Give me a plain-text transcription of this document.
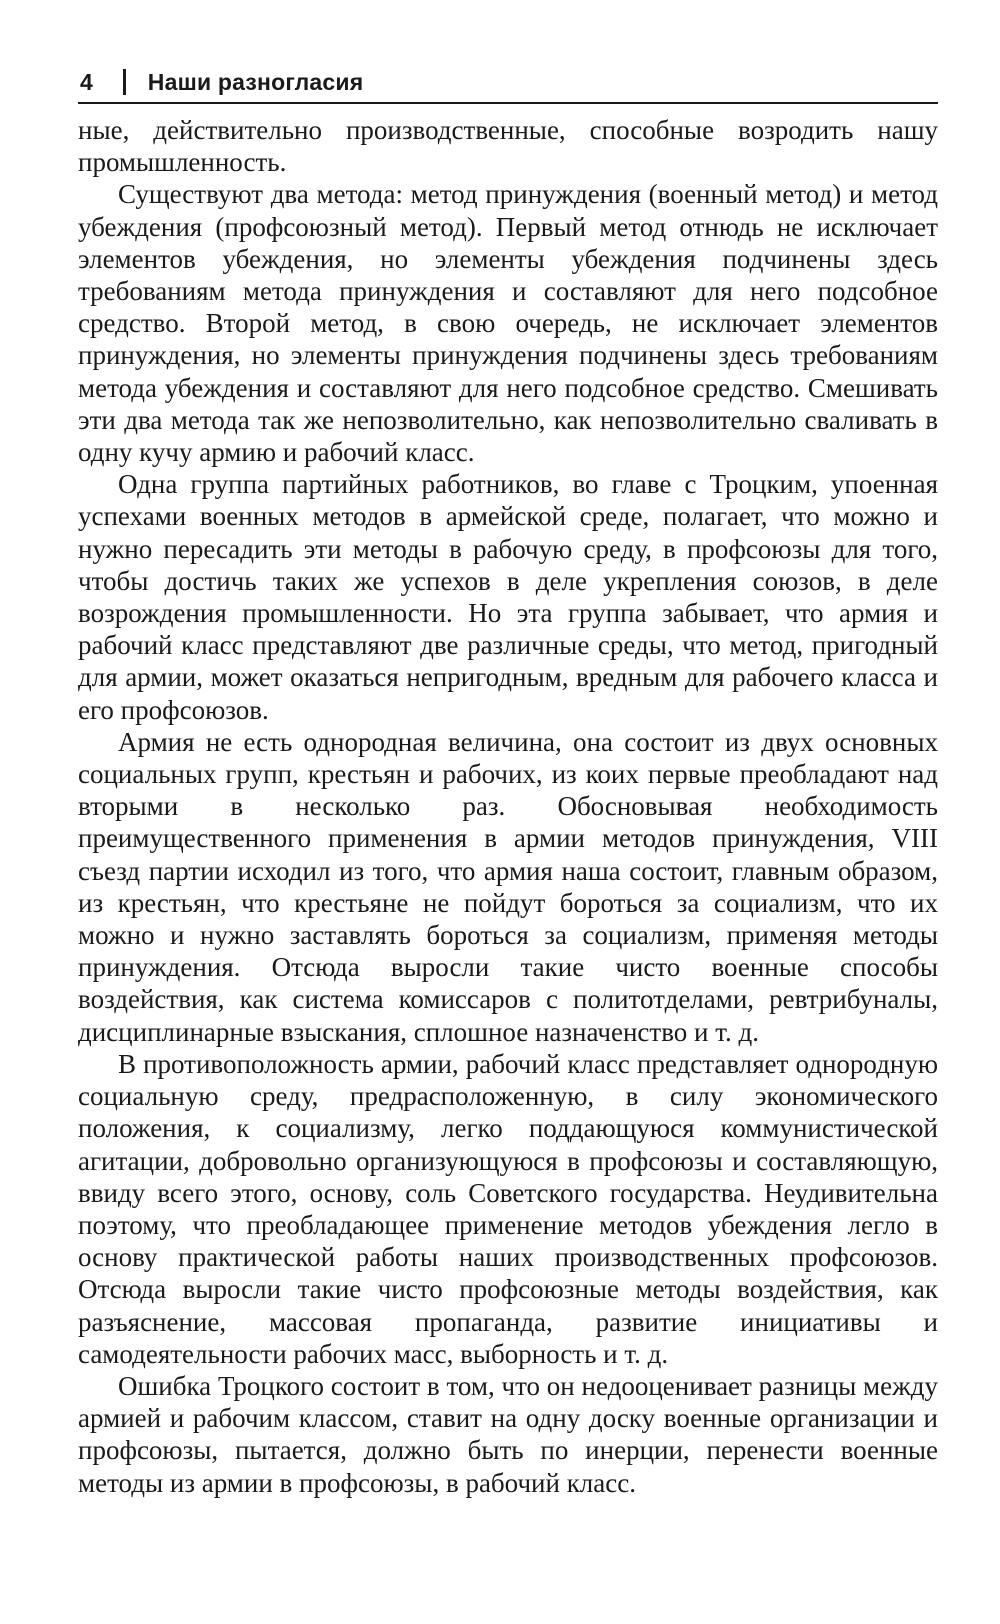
4 Наши разногласия

ные, действительно производственные, способные возродить нашу промышленность.

Существуют два метода: метод принуждения (военный метод) и метод убеждения (профсоюзный метод). Первый метод отнюдь не исключает элементов убеждения, но элементы убеждения подчинены здесь требованиям метода принуждения и составляют для него подсобное средство. Второй метод, в свою очередь, не исключает элементов принуждения, но элементы принуждения подчинены здесь требованиям метода убеждения и составляют для него подсобное средство. Смешивать эти два метода так же непозволительно, как непозволительно сваливать в одну кучу армию и рабочий класс.

Одна группа партийных работников, во главе с Троцким, упоенная успехами военных методов в армейской среде, полагает, что можно и нужно пересадить эти методы в рабочую среду, в профсоюзы для того, чтобы достичь таких же успехов в деле укрепления союзов, в деле возрождения промышленности. Но эта группа забывает, что армия и рабочий класс представляют две различные среды, что метод, пригодный для армии, может оказаться непригодным, вредным для рабочего класса и его профсоюзов.

Армия не есть однородная величина, она состоит из двух основных социальных групп, крестьян и рабочих, из коих первые преобладают над вторыми в несколько раз. Обосновывая необходимость преимущественного применения в армии методов принуждения, VIII съезд партии исходил из того, что армия наша состоит, главным образом, из крестьян, что крестьяне не пойдут бороться за социализм, что их можно и нужно заставлять бороться за социализм, применяя методы принуждения. Отсюда выросли такие чисто военные способы воздействия, как система комиссаров с политотделами, ревтрибуналы, дисциплинарные взыскания, сплошное назначенство и т. д.

В противоположность армии, рабочий класс представляет однородную социальную среду, предрасположенную, в силу экономического положения, к социализму, легко поддающуюся коммунистической агитации, добровольно организующуюся в профсоюзы и составляющую, ввиду всего этого, основу, соль Советского государства. Неудивительна поэтому, что преобладающее применение методов убеждения легло в основу практической работы наших производственных профсоюзов. Отсюда выросли такие чисто профсоюзные методы воздействия, как разъяснение, массовая пропаганда, развитие инициативы и самодеятельности рабочих масс, выборность и т. д.

Ошибка Троцкого состоит в том, что он недооценивает разницы между армией и рабочим классом, ставит на одну доску военные организации и профсоюзы, пытается, должно быть по инерции, перенести военные методы из армии в профсоюзы, в рабочий класс.
